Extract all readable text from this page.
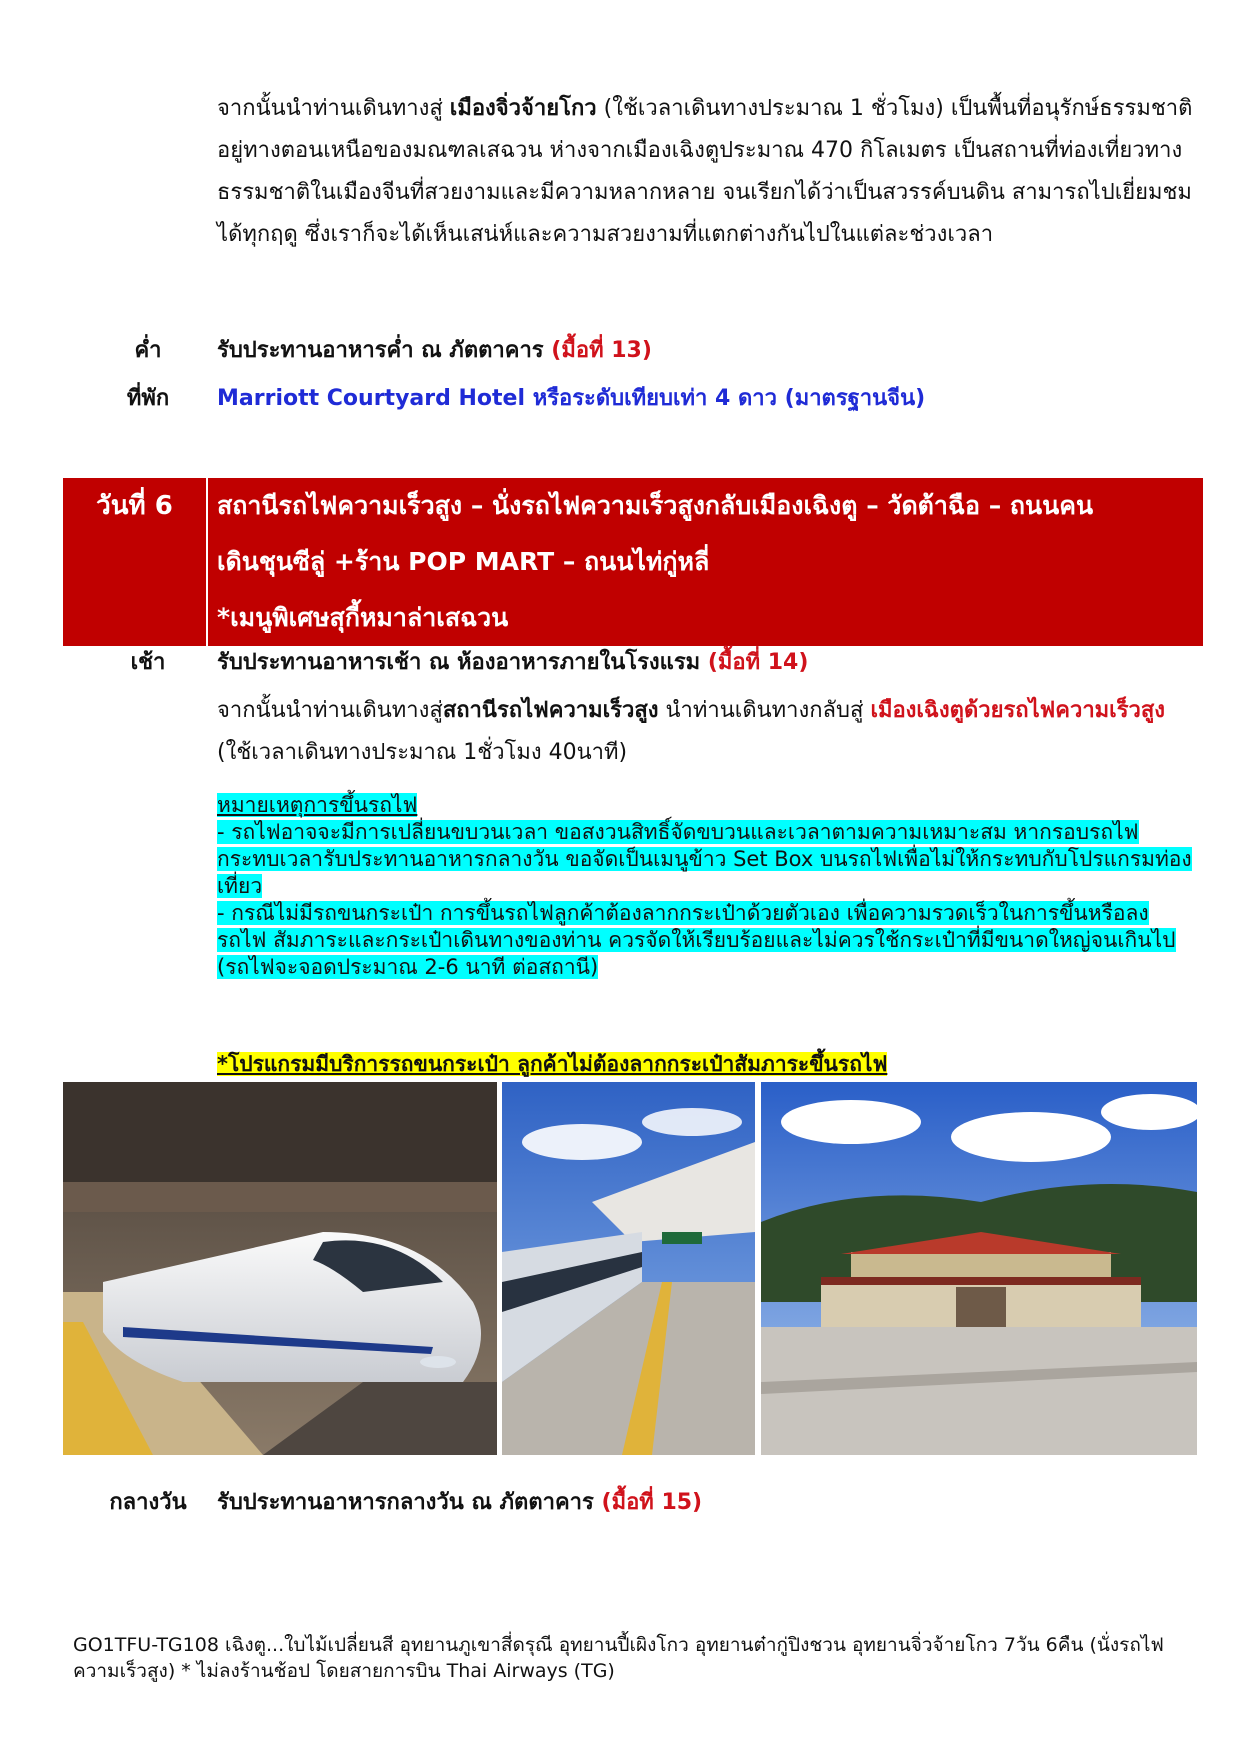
จากนั้นนำท่านเดินทางสู่ เมืองจิ่วจ้ายโกว (ใช้เวลาเดินทางประมาณ 1 ชั่วโมง) เป็นพื้นที่อนุรักษ์ธรรมชาติ อยู่ทางตอนเหนือของมณฑลเสฉวน ห่างจากเมืองเฉิงตูประมาณ 470 กิโลเมตร เป็นสถานที่ท่องเที่ยวทางธรรมชาติในเมืองจีนที่สวยงามและมีความหลากหลาย จนเรียกได้ว่าเป็นสวรรค์บนดิน สามารถไปเยี่ยมชมได้ทุกฤดู ซึ่งเราก็จะได้เห็นเสน่ห์และความสวยงามที่แตกต่างกันไปในแต่ละช่วงเวลา

ค่ำ	รับประทานอาหารค่ำ ณ ภัตตาคาร (มื้อที่ 13)
ที่พัก	Marriott Courtyard Hotel หรือระดับเทียบเท่า 4 ดาว (มาตรฐานจีน)
วันที่ 6	สถานีรถไฟความเร็วสูง – นั่งรถไฟความเร็วสูงกลับเมืองเฉิงตู – วัดต้าฉือ – ถนนคน
เดินชุนซีลู่ +ร้าน POP MART – ถนนไท่กู่หลี่
*เมนูพิเศษสุกี้หมาล่าเสฉวน
เช้า	รับประทานอาหารเช้า ณ ห้องอาหารภายในโรงแรม (มื้อที่ 14)

จากนั้นนำท่านเดินทางสู่สถานีรถไฟความเร็วสูง นำท่านเดินทางกลับสู่ เมืองเฉิงตูด้วยรถไฟความเร็วสูง (ใช้เวลาเดินทางประมาณ 1ชั่วโมง 40นาที)

หมายเหตุการขึ้นรถไฟ
- รถไฟอาจจะมีการเปลี่ยนขบวนเวลา ขอสงวนสิทธิ์จัดขบวนและเวลาตามความเหมาะสม หากรอบรถไฟกระทบเวลารับประทานอาหารกลางวัน ขอจัดเป็นเมนูข้าว Set Box บนรถไฟเพื่อไม่ให้กระทบกับโปรแกรมท่องเที่ยว
- กรณีไม่มีรถขนกระเป๋า การขึ้นรถไฟลูกค้าต้องลากกระเป๋าด้วยตัวเอง เพื่อความรวดเร็วในการขึ้นหรือลงรถไฟ สัมภาระและกระเป๋าเดินทางของท่าน ควรจัดให้เรียบร้อยและไม่ควรใช้กระเป๋าที่มีขนาดใหญ่จนเกินไป (รถไฟจะจอดประมาณ 2-6 นาที ต่อสถานี)
*โปรแกรมมีบริการรถขนกระเป๋า ลูกค้าไม่ต้องลากกระเป๋าสัมภาระขึ้นรถไฟ
กลางวัน	รับประทานอาหารกลางวัน ณ ภัตตาคาร (มื้อที่ 15)
GO1TFU-TG108 เฉิงตู...ใบไม้เปลี่ยนสี อุทยานภูเขาสี่ดรุณี อุทยานปี้เผิงโกว อุทยานต๋ากู่ปิงชวน อุทยานจิ่วจ้ายโกว 7วัน 6คืน (นั่งรถไฟความเร็วสูง) * ไม่ลงร้านช้อป โดยสายการบิน Thai Airways (TG)
